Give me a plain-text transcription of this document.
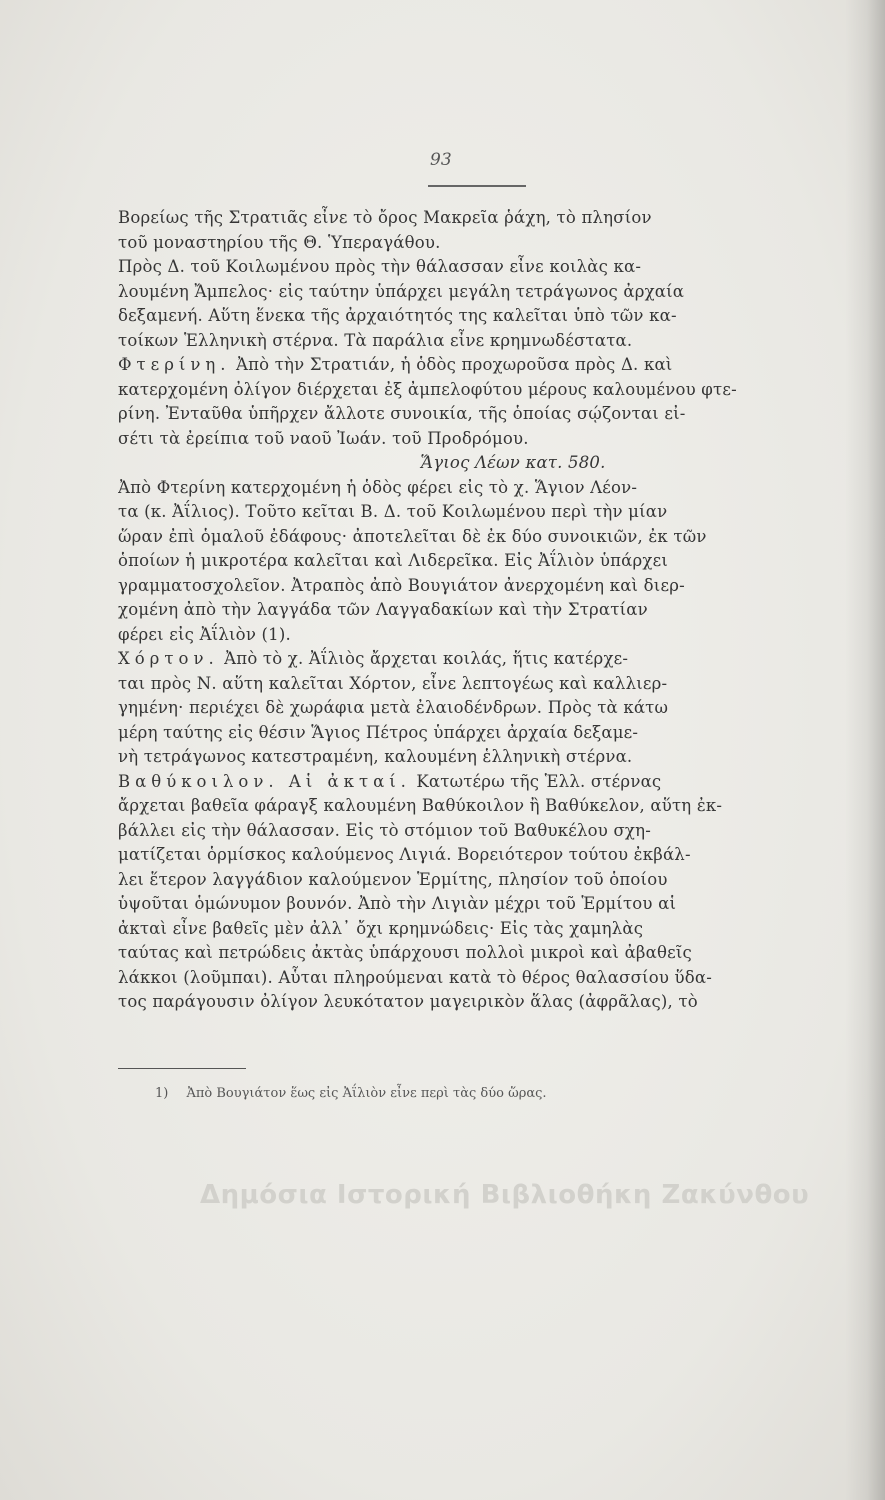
93
Βορείως τῆς Στρατιᾶς εἶνε τὸ ὄρος Μακρεῖα ῥάχη, τὸ πλησίον
τοῦ μοναστηρίου τῆς Θ. Ὑπεραγάθου.
Πρὸς Δ. τοῦ Κοιλωμένου πρὸς τὴν θάλασσαν εἶνε κοιλὰς κα-
λουμένη Ἄμπελος· εἰς ταύτην ὑπάρχει μεγάλη τετράγωνος ἀρχαία
δεξαμενή. Αὕτη ἕνεκα τῆς ἀρχαιότητός της καλεῖται ὑπὸ τῶν κα-
τοίκων Ἑλληνικὴ στέρνα. Τὰ παράλια εἶνε κρημνωδέστατα.
Φτερίνη. Ἀπὸ τὴν Στρατιάν, ἡ ὁδὸς προχωροῦσα πρὸς Δ. καὶ
κατερχομένη ὀλίγον διέρχεται ἐξ ἀμπελοφύτου μέρους καλουμένου φτε-
ρίνη. Ἐνταῦθα ὑπῆρχεν ἄλλοτε συνοικία, τῆς ὁποίας σῴζονται εἰ-
σέτι τὰ ἐρείπια τοῦ ναοῦ Ἰωάν. τοῦ Προδρόμου.
Ἅγιος Λέων κατ. 580.
Ἀπὸ Φτερίνη κατερχομένη ἡ ὁδὸς φέρει εἰς τὸ χ. Ἅγιον Λέον-
τα (κ. Ἀΐλιος). Τοῦτο κεῖται Β. Δ. τοῦ Κοιλωμένου περὶ τὴν μίαν
ὥραν ἐπὶ ὁμαλοῦ ἐδάφους· ἀποτελεῖται δὲ ἐκ δύο συνοικιῶν, ἐκ τῶν
ὁποίων ἡ μικροτέρα καλεῖται καὶ Λιδερεῖκα. Εἰς Ἀΐλιὸν ὑπάρχει
γραμματοσχολεῖον. Ἀτραπὸς ἀπὸ Βουγιάτον ἀνερχομένη καὶ διερ-
χομένη ἀπὸ τὴν λαγγάδα τῶν Λαγγαδακίων καὶ τὴν Στρατίαν
φέρει εἰς Ἀΐλιὸν (1).
Χόρτον. Ἀπὸ τὸ χ. Ἀΐλιὸς ἄρχεται κοιλάς, ἥτις κατέρχε-
ται πρὸς Ν. αὕτη καλεῖται Χόρτον, εἶνε λεπτογέως καὶ καλλιερ-
γημένη· περιέχει δὲ χωράφια μετὰ ἐλαιοδένδρων. Πρὸς τὰ κάτω
μέρη ταύτης εἰς θέσιν Ἅγιος Πέτρος ὑπάρχει ἀρχαία δεξαμε-
νὴ τετράγωνος κατεστραμένη, καλουμένη ἑλληνικὴ στέρνα.
Βαθύκοιλον. Αἱ ἀκταί. Κατωτέρω τῆς Ἑλλ. στέρνας
ἄρχεται βαθεῖα φάραγξ καλουμένη Βαθύκοιλον ἢ Βαθύκελον, αὕτη ἐκ-
βάλλει εἰς τὴν θάλασσαν. Εἰς τὸ στόμιον τοῦ Βαθυκέλου σχη-
ματίζεται ὁρμίσκος καλούμενος Λιγιά. Βορειότερον τούτου ἐκβάλ-
λει ἕτερον λαγγάδιον καλούμενον Ἑρμίτης, πλησίον τοῦ ὁποίου
ὑψοῦται ὁμώνυμον βουνόν. Ἀπὸ τὴν Λιγιὰν μέχρι τοῦ Ἑρμίτου αἱ
ἀκταὶ εἶνε βαθεῖς μὲν ἀλλ᾽ ὄχι κρημνώδεις· Εἰς τὰς χαμηλὰς
ταύτας καὶ πετρώδεις ἀκτὰς ὑπάρχουσι πολλοὶ μικροὶ καὶ ἀβαθεῖς
λάκκοι (λοῦμπαι). Αὗται πληρούμεναι κατὰ τὸ θέρος θαλασσίου ὕδα-
τος παράγουσιν ὀλίγον λευκότατον μαγειρικὸν ἅλας (ἀφρᾶλας), τὸ
1) Ἀπὸ Βουγιάτον ἕως εἰς Ἀΐλιὸν εἶνε περὶ τὰς δύο ὥρας.
Δημόσια Ιστορική Βιβλιοθήκη Ζακύνθου
